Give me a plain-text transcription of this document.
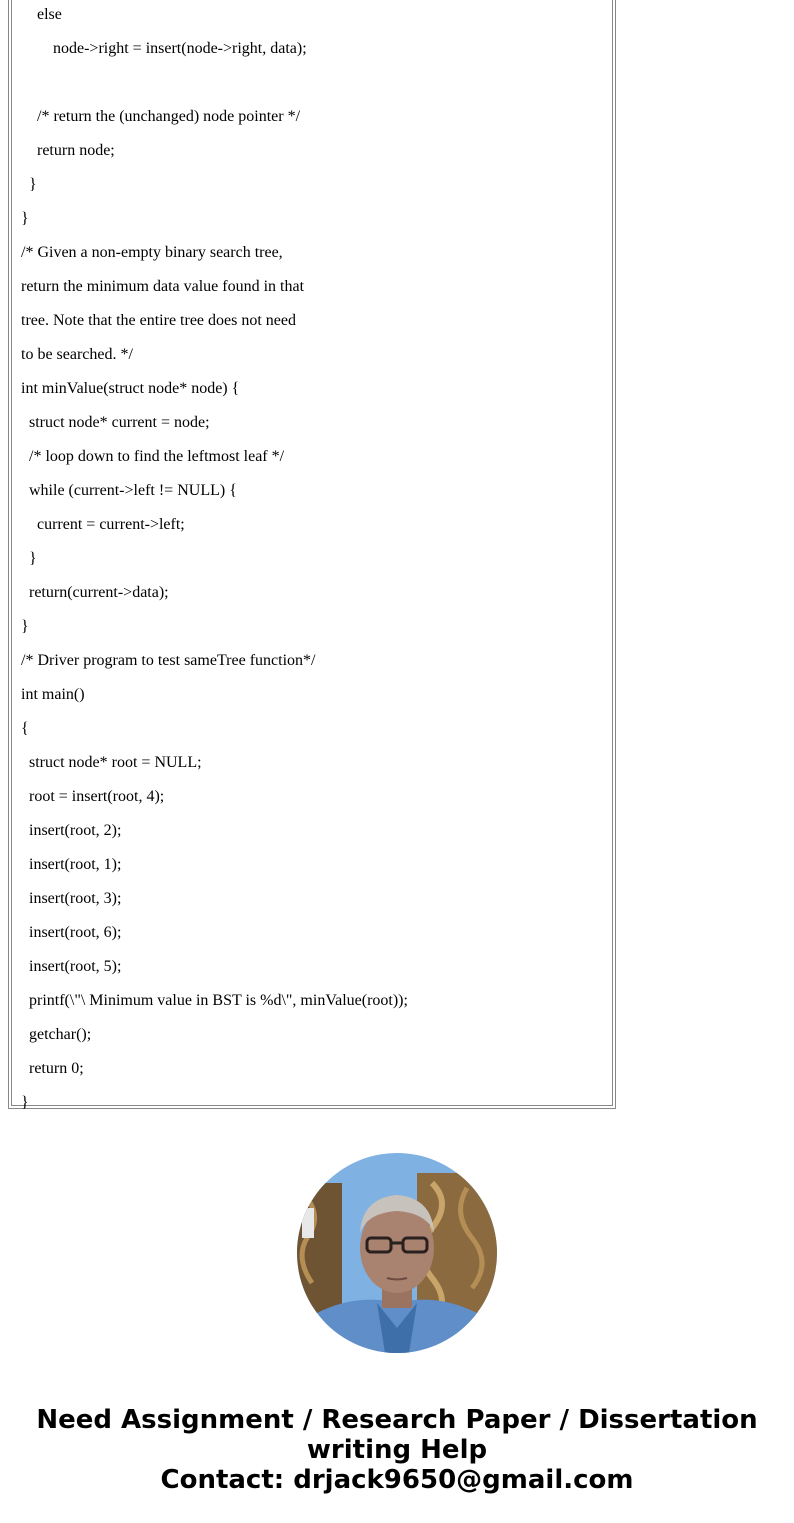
else
node->right = insert(node->right, data);
/* return the (unchanged) node pointer */
return node;
}
}
/* Given a non-empty binary search tree,
return the minimum data value found in that
tree. Note that the entire tree does not need
to be searched. */
int minValue(struct node* node) {
struct node* current = node;
/* loop down to find the leftmost leaf */
while (current->left != NULL) {
current = current->left;
}
return(current->data);
}
/* Driver program to test sameTree function*/
int main()
{
struct node* root = NULL;
root = insert(root, 4);
insert(root, 2);
insert(root, 1);
insert(root, 3);
insert(root, 6);
insert(root, 5);
printf(\"\ Minimum value in BST is %d\", minValue(root));
getchar();
return 0;
}
Need Assignment / Research Paper / Dissertation
writing Help
Contact: drjack9650@gmail.com
